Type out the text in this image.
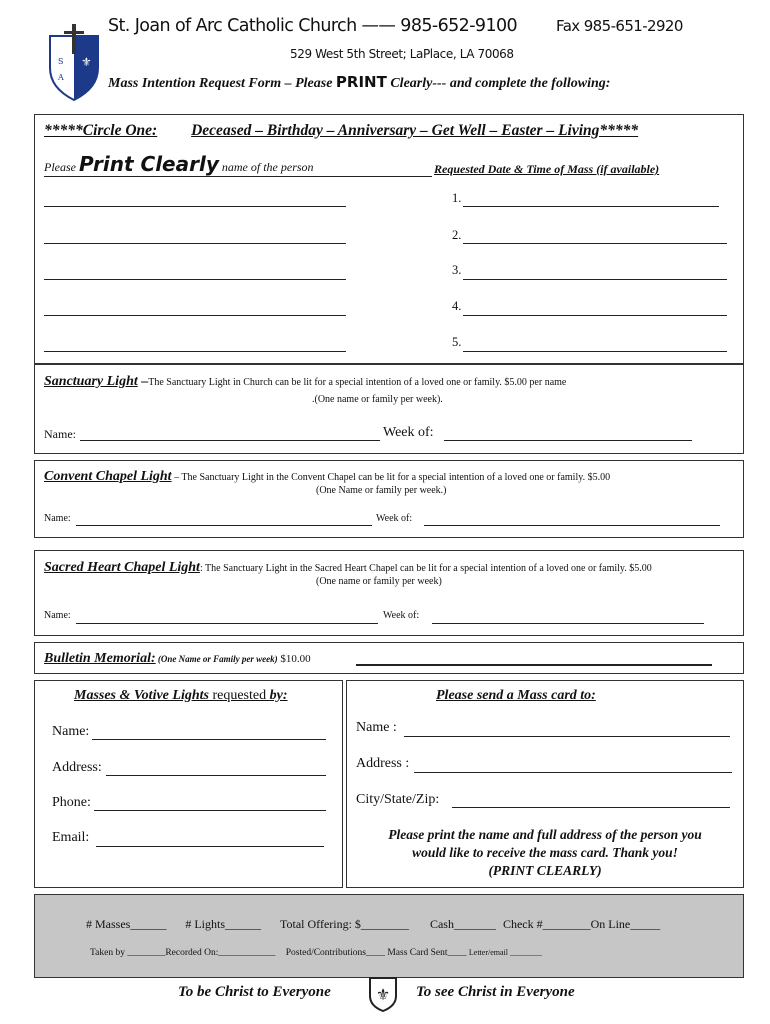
S
A
⚜
St. Joan of Arc Catholic Church —— 985-652-9100	Fax 985-651-2920
529 West 5th Street; LaPlace, LA 70068
Mass Intention Request Form – Please PRINT Clearly--- and complete the following:
*****Circle One: Deceased – Birthday – Anniversary – Get Well – Easter – Living*****
Please Print Clearly name of the person	Requested Date & Time of Mass (if available)
1.
2.
3.
4.
5.
Sanctuary Light –The Sanctuary Light in Church can be lit for a special intention of a loved one or family. $5.00 per name
.(One name or family per week).
Name:	Week of:
Convent Chapel Light – The Sanctuary Light in the Convent Chapel can be lit for a special intention of a loved one or family. $5.00
(One Name or family per week.)
Name:	Week of:
Sacred Heart Chapel Light: The Sanctuary Light in the Sacred Heart Chapel can be lit for a special intention of a loved one or family. $5.00
(One name or family per week)
Name:	Week of:
Bulletin Memorial: (One Name or Family per week) $10.00
Masses & Votive Lights requested by:
Name:
Address:
Phone:
Email:
Please send a Mass card to:
Name :
Address :
City/State/Zip:
Please print the name and full address of the person you
would like to receive the mass card. Thank you!
(PRINT CLEARLY)
# Masses______ # Lights______ Total Offering: $________ Cash_______ Check #________On Line_____
Taken by ________Recorded On:____________ Posted/Contributions____ Mass Card Sent____ Letter/email ________
To be Christ to Everyone	⚜ To see Christ in Everyone
